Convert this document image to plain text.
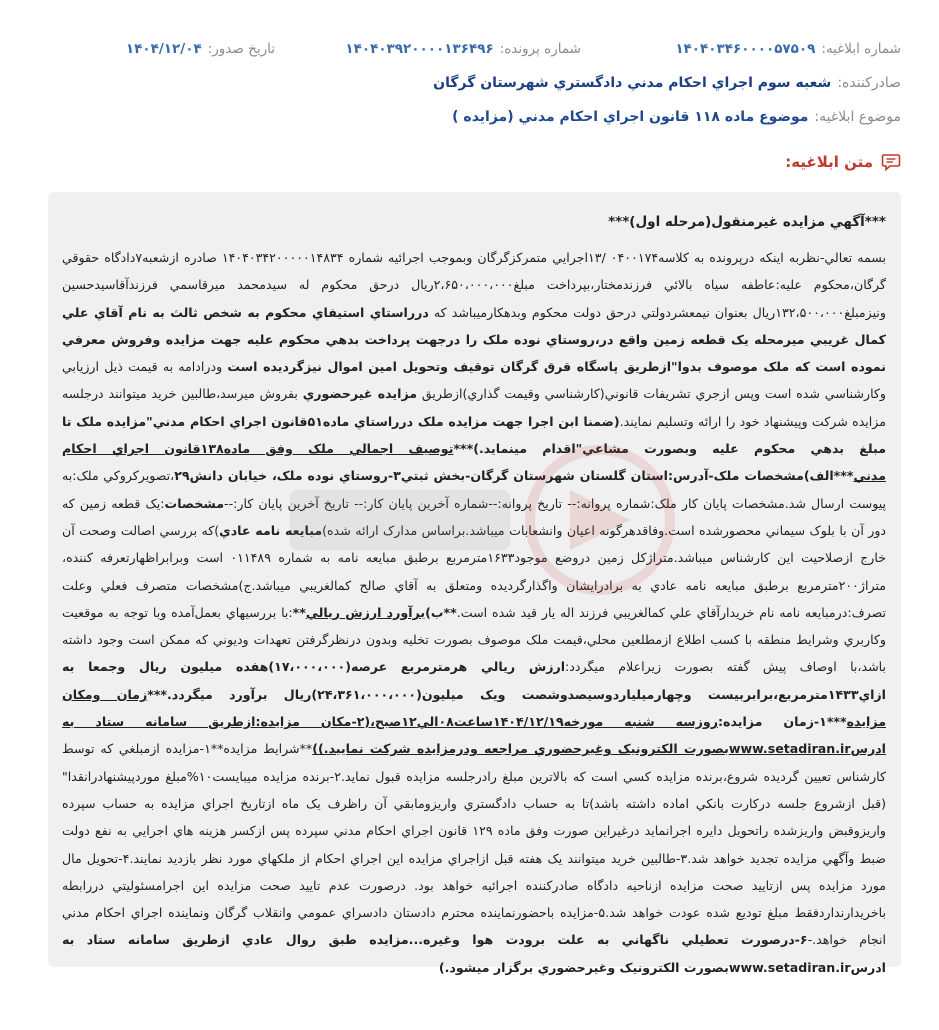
شماره ابلاغيه:
۱۴۰۴۰۳۴۶۰۰۰۰۵۷۵۰۹
شماره پرونده:
۱۴۰۴۰۳۹۲۰۰۰۰۱۳۶۴۹۶
تاريخ صدور:
۱۴۰۴/۱۲/۰۴
صادرکننده:
شعبه سوم اجراي احکام مدني دادگستري شهرستان گرگان
موضوع ابلاغيه:
موضوع ماده ۱۱۸ قانون اجراي احکام مدني (مزايده )
متن ابلاغيه:
***آگهي مزايده غيرمنقول(مرحله اول)***
بسمه تعالي-نظربه اينکه درپرونده به کلاسه۰۴۰۰۱۷۴ /۱۳اجرايي متمرکزگرگان وبموجب اجرائيه شماره ۱۴۰۴۰۳۴۲۰۰۰۰۰۱۴۸۳۴ صادره ازشعبه۷دادگاه حقوقي گرگان،محکوم عليه:عاطفه سياه بالائي فرزندمختار،بپرداخت مبلغ۲،۶۵۰،۰۰۰،۰۰۰ريال درحق محکوم له سيدمحمد ميرقاسمي فرزندآقاسيدحسين ونيزمبلغ۱۳۲،۵۰۰،۰۰۰ريال بعنوان نيمعشردولتي درحق دولت محکوم وبدهکارميباشد که درراستاي استيفاي محکوم به شخص ثالث به نام آقاي علي کمال غريبي ميرمحله يک قطعه زمين واقع در،روستاي نوده ملک را درجهت پرداخت بدهي محکوم عليه جهت مزايده وفروش معرفي نموده است که ملک موصوف بدوا"ازطريق پاسگاه قرق گرگان توقيف وتحويل امين اموال نيزگرديده است ودرادامه به قيمت ذيل ارزيابي وکارشناسي شده است وپس ازجري تشريفات قانوني(کارشناسي وقيمت گذاري)ازطريق مزايده غيرحضوري بفروش ميرسد،طالبين خريد ميتوانند درجلسه مزايده شرکت وپيشنهاد خود را ارائه وتسليم نمايند.(ضمنا ابن اجرا جهت مزايده ملک درراستاي ماده۵۱قانون اجراي احکام مدني"مزايده ملک تا مبلغ بدهي محکوم عليه وبصورت مشاعي"اقدام مينمايد.)***توصيف اجمالي ملک وفق ماده۱۳۸قانون اجراي احکام مدني***الف)مشخصات ملک-آدرس:استان گلستان شهرستان گرگان-بخش ثبتي۳-روستاي نوده ملک، خيابان دانش۲۹،تصويرکروکي ملک:به پيوست ارسال شد.مشخصات پايان کار ملک:شماره پروانه:-- تاريخ پروانه:--شماره آخرين پايان کار:-- تاريخ آخرين پايان کار:--مشخصات:يک قطعه زمين که دور آن با بلوک سيماني محصورشده است.وفاقدهرگونه اعيان وانشعابات ميباشد.براساس مدارک ارائه شده)مبايعه نامه عادي)که بررسي اصالت وصحت آن خارج ازصلاحيت اين کارشناس ميباشد.متراژکل زمين دروضع موجود۱۶۳۳مترمربع برطبق مبايعه نامه به شماره ۰۱۱۴۸۹ است وبرابراظهارتعرفه کننده، متراژ۲۰۰مترمربع برطبق مبايعه نامه عادي به برادرايشان واگذارگرديده ومتعلق به آقاي صالح کمالغريبي ميباشد.ج)مشخصات متصرف فعلي وعلت تصرف:درمبايعه نامه نام خريدارآقاي علي کمالغريبي فرزند اله يار قيد شده است.**ب)برآورد ارزش ريالي**:با بررسيهاي بعمل‌آمده وبا توجه به موقعيت وکاربري وشرايط منطقه با کسب اطلاع ازمطلعين محلي،قيمت ملک موصوف بصورت تخليه وبدون درنظرگرفتن تعهدات وديوني که ممکن است وجود داشته باشد،با اوصاف پيش گفته بصورت زيراعلام ميگردد:ارزش ريالي هرمترمربع عرصه(۱۷،۰۰۰،۰۰۰)هفده ميليون ريال وجمعا به ازاي۱۴۳۳مترمربع،برابربيست وچهارميلياردوسيصدوشصت ويک ميليون(۲۴،۳۶۱،۰۰۰،۰۰۰)ريال برآورد ميگردد.***زمان ومکان مزايده***۱-زمان مزايده:روزسه شنبه مورخه۱۴۰۴/۱۲/۱۹ساعت۰۸الي۱۲صبح،(۲-مکان مزايده:ازطريق سامانه ستاد به ادرسwww.setadiran.irبصورت الکترونيک وغيرحضوري مراجعه ودرمزايده شرکت نماييد.))**شرايط مزايده**۱-مزايده ازمبلغي که توسط کارشناس تعيين گرديده شروع،برنده مزايده کسي است که بالاترين مبلغ رادرجلسه مزايده قبول نمايد.۲-برنده مزايده ميبايست۱۰%مبلغ موردپيشنهادرانقدا"(قبل ازشروع جلسه درکارت بانکي اماده داشته باشد)تا به حساب دادگستري واريزومابقي آن راظرف يک ماه ازتاريخ اجراي مزايده به حساب سپرده واريزوقبض واريزشده راتحويل دايره اجرانمايد درغيراين صورت وفق ماده ۱۲۹ قانون اجراي احکام مدني سپرده پس ازکسر هزينه هاي اجرايي به نفع دولت ضبط وآگهي مزايده تجديد خواهد شد.۳-طالبين خريد ميتوانند يک هفته قبل ازاجراي مزايده اين اجراي احکام از ملکهاي مورد نظر بازديد نمايند.۴-تحويل مال مورد مزايده پس ازتاييد صحت مزايده ازناحيه دادگاه صادرکننده اجرائيه خواهد بود. درصورت عدم تاييد صحت مزايده اين اجرامسئوليتي دررابطه باخريدارنداردفقط مبلغ توديع شده عودت خواهد شد.۵-مزايده باحضورنماينده محترم دادستان دادسراي عمومي وانقلاب گرگان ونماينده اجراي احکام مدني انجام خواهد.-۶-درصورت تعطيلي ناگهاني به علت برودت هوا وغيره...مزايده طبق روال عادي ازطريق سامانه ستاد به ادرسwww.setadiran.irبصورت الکترونيک وغيرحضوري برگزار ميشود.)
